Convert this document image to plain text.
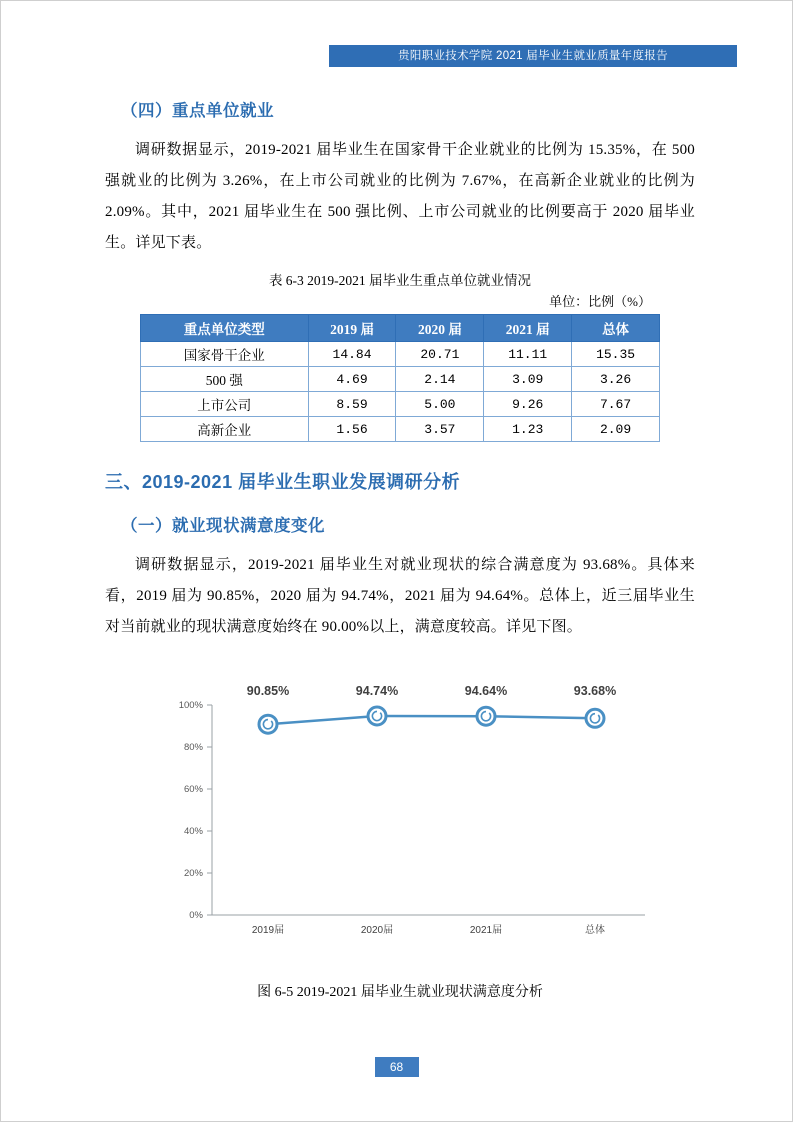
贵阳职业技术学院 2021 届毕业生就业质量年度报告
（四）重点单位就业

调研数据显示，2019-2021 届毕业生在国家骨干企业就业的比例为 15.35%，在 500 强就业的比例为 3.26%，在上市公司就业的比例为 7.67%，在高新企业就业的比例为 2.09%。其中，2021 届毕业生在 500 强比例、上市公司就业的比例要高于 2020 届毕业生。详见下表。

表 6-3 2019-2021 届毕业生重点单位就业情况
单位：比例（%）
重点单位类型	2019 届	2020 届	2021 届	总体
国家骨干企业	14.84	20.71	11.11	15.35
500 强	4.69	2.14	3.09	3.26
上市公司	8.59	5.00	9.26	7.67
高新企业	1.56	3.57	1.23	2.09
三、2019-2021 届毕业生职业发展调研分析
（一）就业现状满意度变化

调研数据显示，2019-2021 届毕业生对就业现状的综合满意度为 93.68%。具体来看，2019 届为 90.85%，2020 届为 94.74%，2021 届为 94.64%。总体上，近三届毕业生对当前就业的现状满意度始终在 90.00%以上，满意度较高。详见下图。

0%
20%
40%
60%
80%
100%
90.85%	94.74%	94.64%	93.68%
2019届	2020届	2021届	总体
图 6-5 2019-2021 届毕业生就业现状满意度分析
68
